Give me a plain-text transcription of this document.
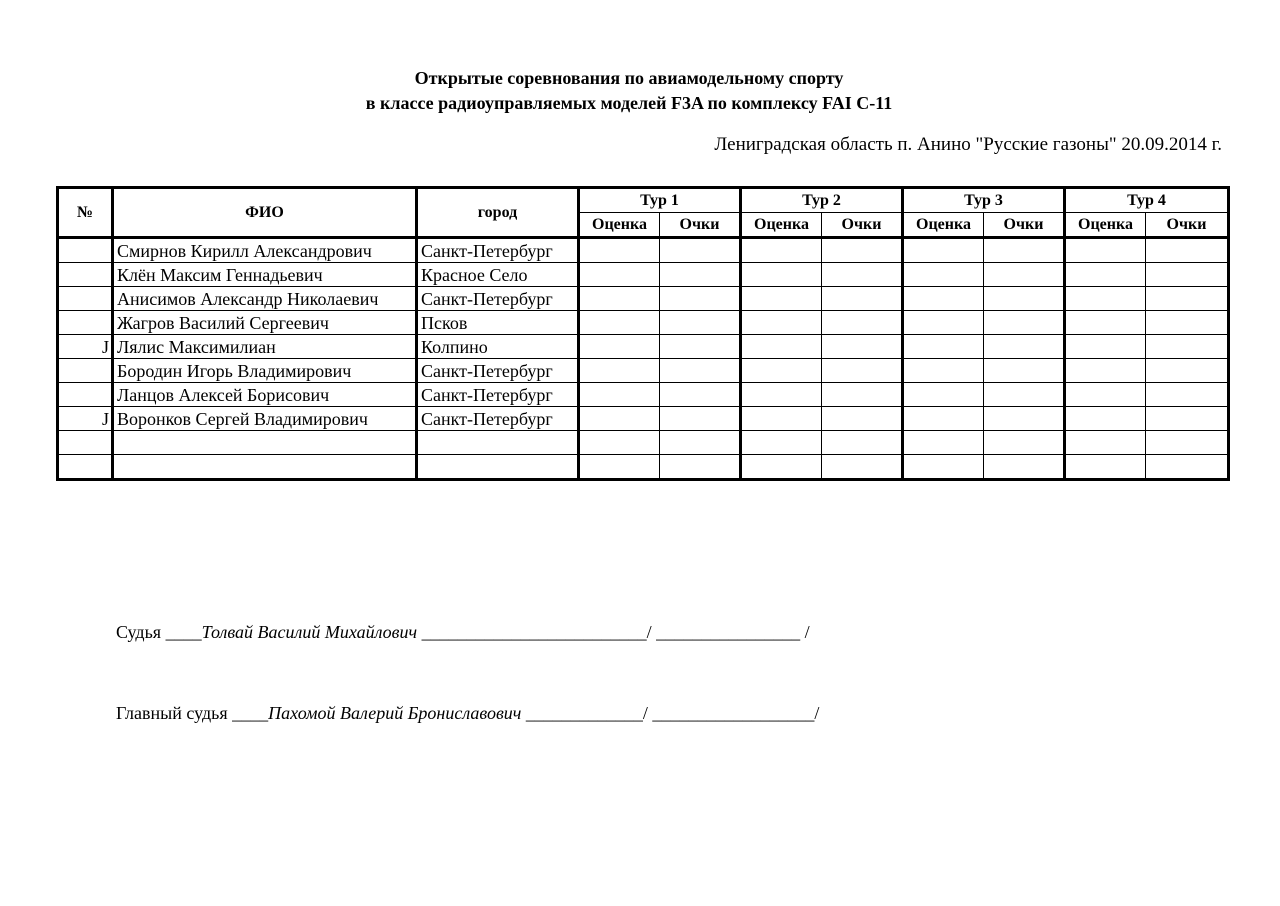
Открытые соревнования по авиамодельному спорту
в классе радиоуправляемых моделей F3A по комплексу FAI C-11
Лениградская область п. Анино "Русские газоны" 20.09.2014 г.
№	ФИО	город	Тур 1		Тур 2		Тур 3		Тур 4	
			Оценка	Очки	Оценка	Очки	Оценка	Очки	Оценка	Очки
	Смирнов Кирилл Александрович	Санкт-Петербург								
	Клён Максим Геннадьевич	Красное Село								
	Анисимов Александр Николаевич	Санкт-Петербург								
	Жагров Василий Сергеевич	Псков								
J	Лялис Максимилиан	Колпино								
	Бородин Игорь Владимирович	Санкт-Петербург								
	Ланцов Алексей Борисович	Санкт-Петербург								
J	Воронков Сергей Владимирович	Санкт-Петербург								

Судья ____Толвай Василий Михайлович _________________________/ ________________ /
Главный судья ____Пахомой Валерий Брониславович _____________/ __________________/
